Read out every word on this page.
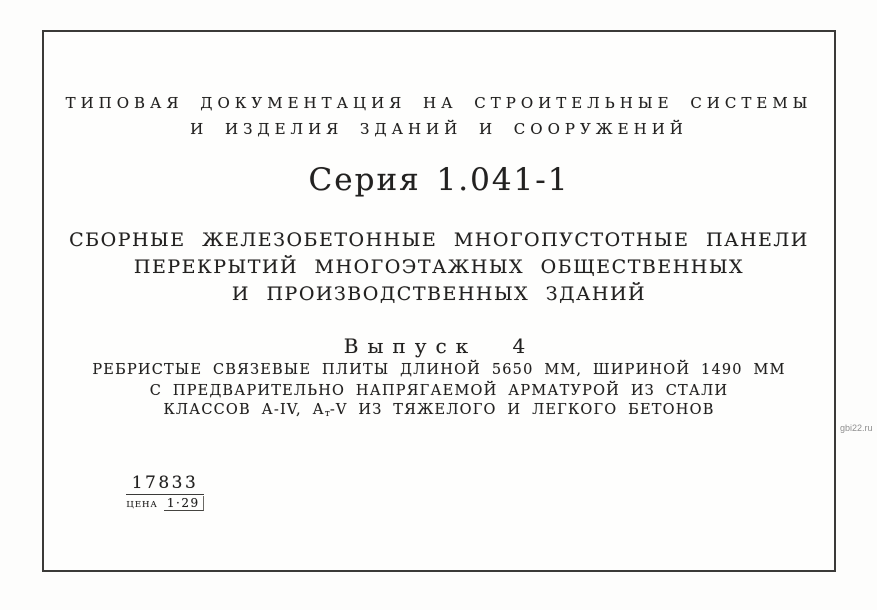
ТИПОВАЯ ДОКУМЕНТАЦИЯ НА СТРОИТЕЛЬНЫЕ СИСТЕМЫ
И ИЗДЕЛИЯ ЗДАНИЙ И СООРУЖЕНИЙ
Серия 1.041-1
СБОРНЫЕ ЖЕЛЕЗОБЕТОННЫЕ МНОГОПУСТОТНЫЕ ПАНЕЛИ
ПЕРЕКРЫТИЙ МНОГОЭТАЖНЫХ ОБЩЕСТВЕННЫХ
И ПРОИЗВОДСТВЕННЫХ ЗДАНИЙ
Выпуск 4
РЕБРИСТЫЕ СВЯЗЕВЫЕ ПЛИТЫ ДЛИНОЙ 5650 ММ, ШИРИНОЙ 1490 ММ
С ПРЕДВАРИТЕЛЬНО НАПРЯГАЕМОЙ АРМАТУРОЙ ИЗ СТАЛИ
КЛАССОВ А-IV, $А_т-V$ ИЗ ТЯЖЕЛОГО И ЛЕГКОГО БЕТОНОВ
17833
ЦЕНА 1·29
gbi22.ru
